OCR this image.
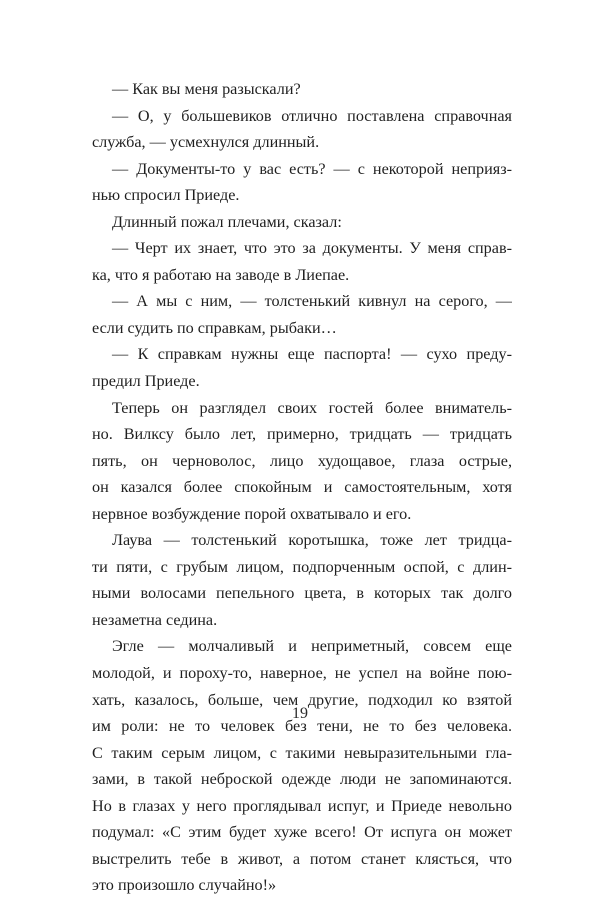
— Как вы меня разыскали?
— О, у большевиков отлично поставлена справочная
служба, — усмехнулся длинный.
— Документы-то у вас есть? — с некоторой неприяз-
нью спросил Приеде.
Длинный пожал плечами, сказал:
— Черт их знает, что это за документы. У меня справ-
ка, что я работаю на заводе в Лиепае.
— А мы с ним, — толстенький кивнул на серого, —
если судить по справкам, рыбаки…
— К справкам нужны еще паспорта! — сухо преду-
предил Приеде.
Теперь он разглядел своих гостей более вниматель-
но. Вилксу было лет, примерно, тридцать — тридцать
пять, он черноволос, лицо худощавое, глаза острые,
он казался более спокойным и самостоятельным, хотя
нервное возбуждение порой охватывало и его.
Лаува — толстенький коротышка, тоже лет тридца-
ти пяти, с грубым лицом, подпорченным оспой, с длин-
ными волосами пепельного цвета, в которых так долго
незаметна седина.
Эгле — молчаливый и неприметный, совсем еще
молодой, и пороху-то, наверное, не успел на войне пою-
хать, казалось, больше, чем другие, подходил ко взятой
им роли: не то человек без тени, не то без человека.
С таким серым лицом, с такими невыразительными гла-
зами, в такой неброской одежде люди не запоминаются.
Но в глазах у него проглядывал испуг, и Приеде невольно
подумал: «С этим будет хуже всего! От испуга он может
выстрелить тебе в живот, а потом станет клясться, что
это произошло случайно!»
19
